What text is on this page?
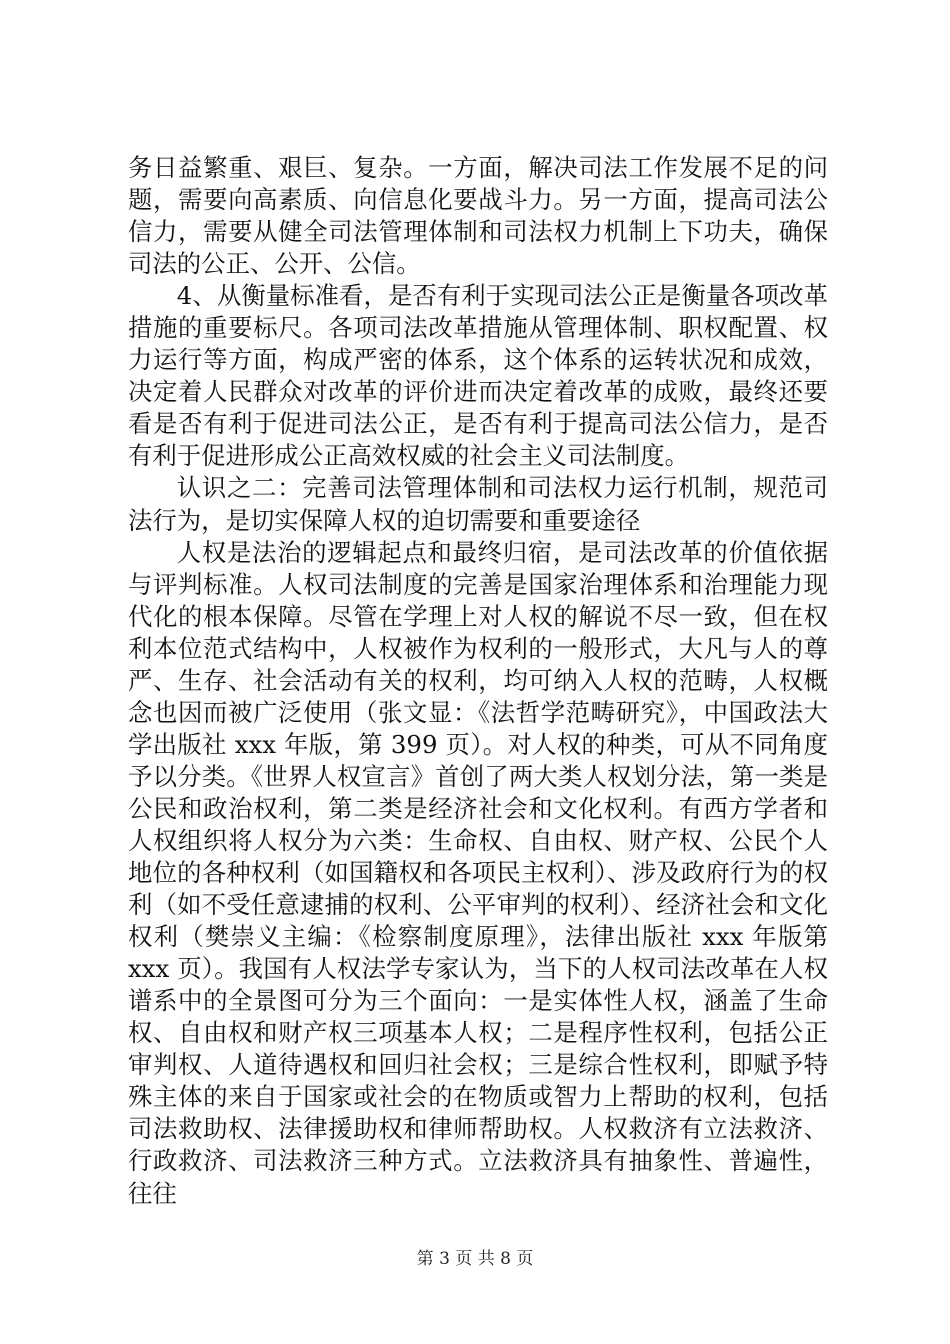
务日益繁重、艰巨、复杂。一方面，解决司法工作发展不足的问题，需要向高素质、向信息化要战斗力。另一方面，提高司法公信力，需要从健全司法管理体制和司法权力机制上下功夫，确保司法的公正、公开、公信。

4、从衡量标准看，是否有利于实现司法公正是衡量各项改革措施的重要标尺。各项司法改革措施从管理体制、职权配置、权力运行等方面，构成严密的体系，这个体系的运转状况和成效，决定着人民群众对改革的评价进而决定着改革的成败，最终还要看是否有利于促进司法公正，是否有利于提高司法公信力，是否有利于促进形成公正高效权威的社会主义司法制度。

认识之二：完善司法管理体制和司法权力运行机制，规范司法行为，是切实保障人权的迫切需要和重要途径

人权是法治的逻辑起点和最终归宿，是司法改革的价值依据与评判标准。人权司法制度的完善是国家治理体系和治理能力现代化的根本保障。尽管在学理上对人权的解说不尽一致，但在权利本位范式结构中，人权被作为权利的一般形式，大凡与人的尊严、生存、社会活动有关的权利，均可纳入人权的范畴，人权概念也因而被广泛使用（张文显：《法哲学范畴研究》，中国政法大学出版社 xxx 年版，第 399 页）。对人权的种类，可从不同角度予以分类。《世界人权宣言》首创了两大类人权划分法，第一类是公民和政治权利，第二类是经济社会和文化权利。有西方学者和人权组织将人权分为六类：生命权、自由权、财产权、公民个人地位的各种权利（如国籍权和各项民主权利）、涉及政府行为的权利（如不受任意逮捕的权利、公平审判的权利）、经济社会和文化权利（樊崇义主编：《检察制度原理》，法律出版社 xxx 年版第 xxx 页）。我国有人权法学专家认为，当下的人权司法改革在人权谱系中的全景图可分为三个面向：一是实体性人权，涵盖了生命权、自由权和财产权三项基本人权；二是程序性权利，包括公正审判权、人道待遇权和回归社会权；三是综合性权利，即赋予特殊主体的来自于国家或社会的在物质或智力上帮助的权利，包括司法救助权、法律援助权和律师帮助权。人权救济有立法救济、行政救济、司法救济三种方式。立法救济具有抽象性、普遍性，往往

第 3 页 共 8 页
